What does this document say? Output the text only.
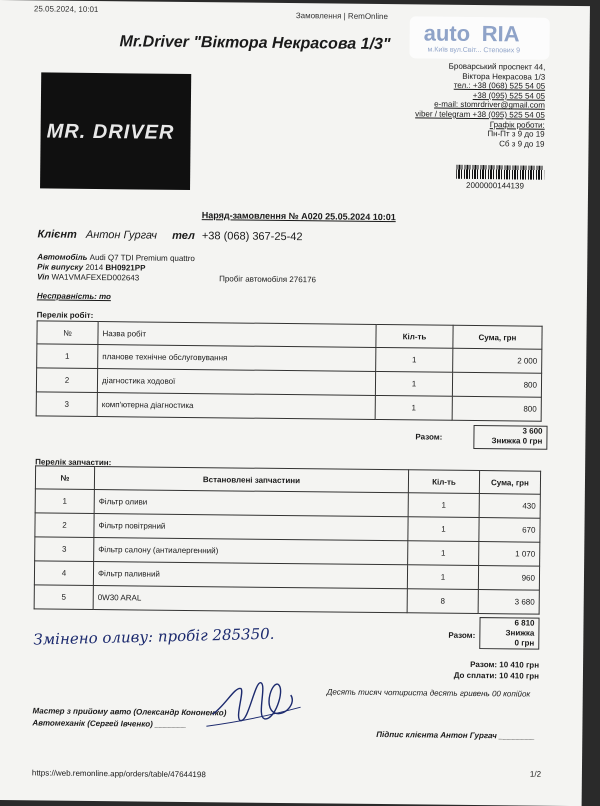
25.05.2024, 10:01
Замовлення | RemOnline
Mr.Driver "Віктора Некрасова 1/3" auto RIA
м.Київ вул.Світ... Степових 9
MR. DRIVER
Броварський проспект 44,
Віктора Некрасова 1/3
тел.: +38 (068) 525 54 05
+38 (095) 525 54 05
e-mail: stomrdriver@gmail.com
viber / telegram +38 (095) 525 54 05
Графік роботи:
Пн-Пт з 9 до 19
Сб з 9 до 19
2000000144139
Наряд-замовлення № A020 25.05.2024 10:01
Клієнт Антон Гургач тел +38 (068) 367-25-42
Автомобіль Audi Q7 TDI Premium quattro
Рік випуску 2014 BH0921PP
Vin WA1VMAFEXED002643	Пробіг автомобіля 276176
Несправність: то
Перелік робіт:
№	Назва робіт	Кіл-ть	Сума, грн
1	планове технічне обслуговування	1	2 000
2	діагностика ходової	1	800
3	комп'ютерна діагностика	1	800
Разом:
3 600
Знижка 0 грн
Перелік запчастин:
№	Встановлені запчастини	Кіл-ть	Сума, грн
1	Фільтр оливи	1	430
2	Фільтр повітряний	1	670
3	Фільтр салону (антиалергенний)	1	1 070
4	Фільтр паливний	1	960
5	0W30 ARAL	8	3 680
Разом:
6 810
Знижка
0 грн
Змінено оливу: пробіг 285350.
Разом: 10 410 грн
До сплати: 10 410 грн
Десять тисяч чотириста десять гривень 00 копійок
Мастер з прийому авто (Олександр Кононенко)
Автомеханік (Сергей Івченко) _______
Підпис клієнта Антон Гургач ________
https://web.remonline.app/orders/table/47644198	1/2
